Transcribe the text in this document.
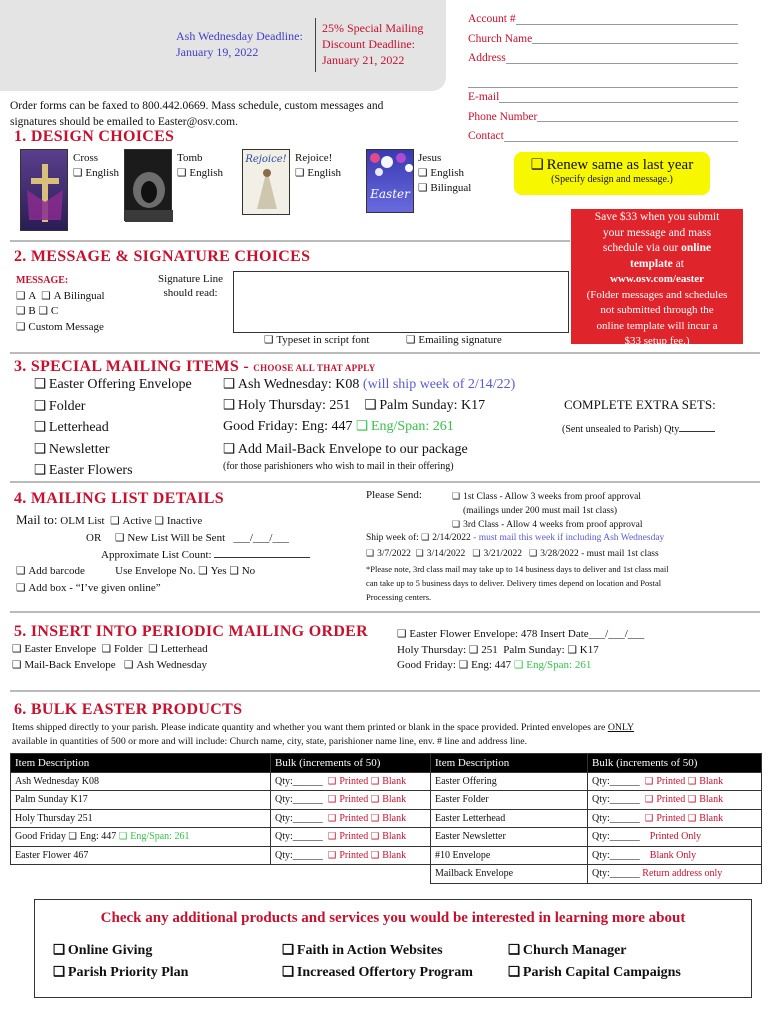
Ash Wednesday Deadline:
January 19, 2022
25% Special Mailing
Discount Deadline:
January 21, 2022
Order forms can be faxed to 800.442.0669. Mass schedule, custom messages and
signatures should be emailed to Easter@osv.com.
Account #
Church Name
Address
E-mail
Phone Number
Contact
1. DESIGN CHOICES
Cross
❑ English
Tomb
❑ English
Rejoice! Rejoice!
❑ English
Easter
Jesus
❑ English
❑ Bilingual
❑ Renew same as last year
(Specify design and message.)
Save $33 when you submit
your message and mass
schedule via our online
template at
www.osv.com/easter
(Folder messages and schedules
not submitted through the
online template will incur a
$33 setup fee.)
2. MESSAGE & SIGNATURE CHOICES
MESSAGE:
❑ A ❑ A Bilingual
❑ B ❑ C
❑ Custom Message
Signature Line
should read:
❑ Typeset in script font	❑ Emailing signature
3. SPECIAL MAILING ITEMS - CHOOSE ALL THAT APPLY
❑ Easter Offering Envelope
❑ Folder
❑ Letterhead
❑ Newsletter
❑ Easter Flowers
❑ Ash Wednesday: K08 (will ship week of 2/14/22)
❑ Holy Thursday: 251 ❑ Palm Sunday: K17
Good Friday: Eng: 447 ❑ Eng/Span: 261
❑ Add Mail-Back Envelope to our package
(for those parishioners who wish to mail in their offering)
COMPLETE EXTRA SETS:
(Sent unsealed to Parish) Qty
4. MAILING LIST DETAILS
Mail to: OLM List ❑ Active ❑ Inactive
OR ❑ New List Will be Sent ___/___/___
Approximate List Count:
❑ Add barcode	Use Envelope No. ❑ Yes ❑ No
❑ Add box - “I’ve given online”
Please Send:	❑ 1st Class - Allow 3 weeks from proof approval
(mailings under 200 must mail 1st class)
❑ 3rd Class - Allow 4 weeks from proof approval
Ship week of: ❑ 2/14/2022 - must mail this week if including Ash Wednesday
❑ 3/7/2022 ❑ 3/14/2022 ❑ 3/21/2022 ❑ 3/28/2022 - must mail 1st class
*Please note, 3rd class mail may take up to 14 business days to deliver and 1st class mail
can take up to 5 business days to deliver. Delivery times depend on location and Postal
Processing centers.
5. INSERT INTO PERIODIC MAILING ORDER
❑ Easter Envelope ❑ Folder ❑ Letterhead
❑ Mail-Back Envelope ❑ Ash Wednesday
❑ Easter Flower Envelope: 478 Insert Date___/___/___
Holy Thursday: ❑ 251 Palm Sunday: ❑ K17
Good Friday: ❑ Eng: 447 ❑ Eng/Span: 261
6. BULK EASTER PRODUCTS
Items shipped directly to your parish. Please indicate quantity and whether you want them printed or blank in the space provided. Printed envelopes are ONLY
available in quantities of 500 or more and will include: Church name, city, state, parishioner name line, env. # line and address line.
Item Description	Bulk (increments of 50)	Item Description	Bulk (increments of 50)
Ash Wednesday K08	Qty:______ ❑ Printed ❑ Blank	Easter Offering	Qty:______ ❑ Printed ❑ Blank
Palm Sunday K17	Qty:______ ❑ Printed ❑ Blank	Easter Folder	Qty:______ ❑ Printed ❑ Blank
Holy Thursday 251	Qty:______ ❑ Printed ❑ Blank	Easter Letterhead	Qty:______ ❑ Printed ❑ Blank
Good Friday ❑ Eng: 447 ❑ Eng/Span: 261	Qty:______ ❑ Printed ❑ Blank	Easter Newsletter	Qty:______ Printed Only
Easter Flower 467	Qty:______ ❑ Printed ❑ Blank	#10 Envelope	Qty:______ Blank Only
		Mailback Envelope	Qty:______ Return address only
Check any additional products and services you would be interested in learning more about
❑ Online Giving
❑ Parish Priority Plan
❑ Faith in Action Websites
❑ Increased Offertory Program
❑ Church Manager
❑ Parish Capital Campaigns
